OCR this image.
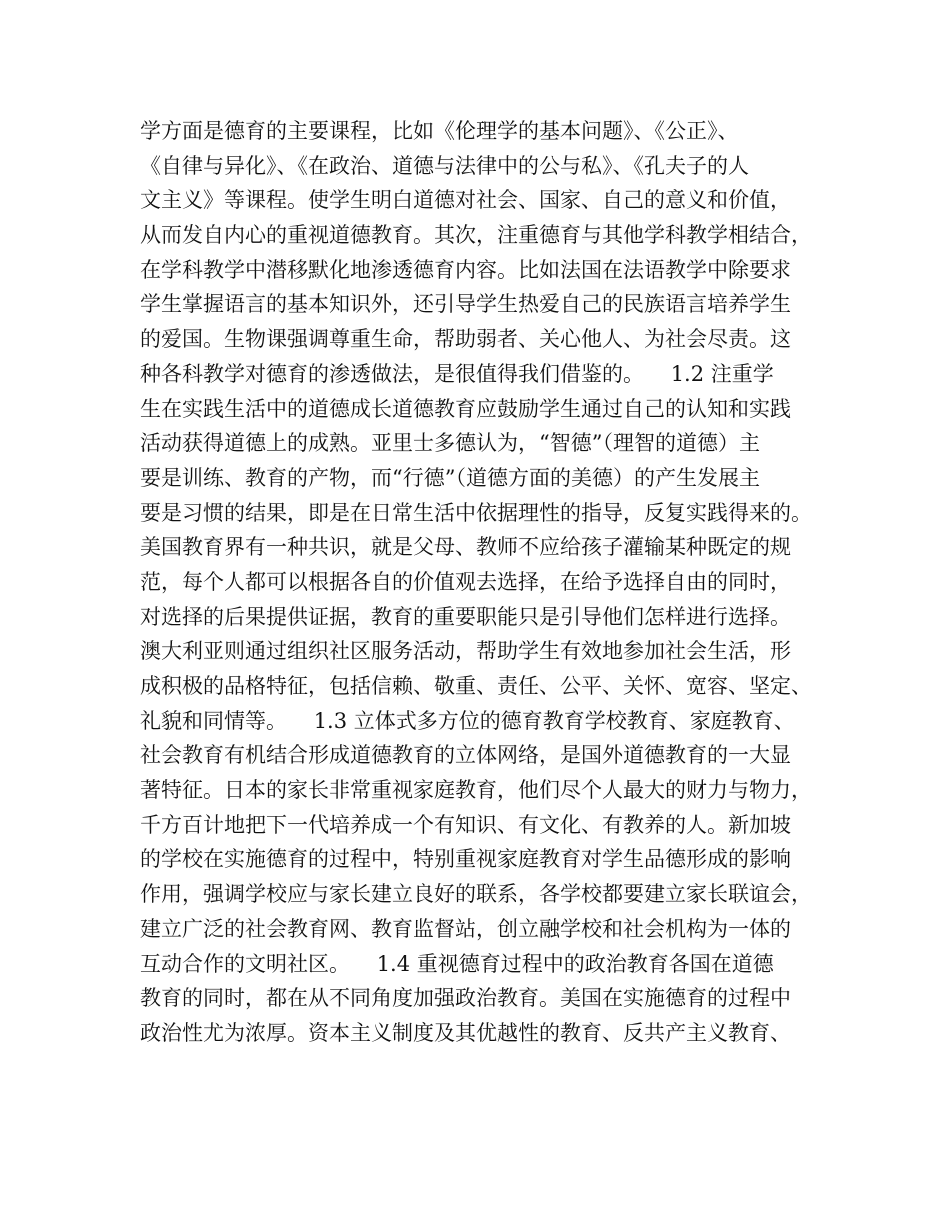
学方面是德育的主要课程，比如《伦理学的基本问题》、《公正》、
《自律与异化》、《在政治、道德与法律中的公与私》、《孔夫子的人
文主义》等课程。使学生明白道德对社会、国家、自己的意义和价值，
从而发自内心的重视道德教育。其次，注重德育与其他学科教学相结合，
在学科教学中潜移默化地渗透德育内容。比如法国在法语教学中除要求
学生掌握语言的基本知识外，还引导学生热爱自己的民族语言培养学生
的爱国。生物课强调尊重生命，帮助弱者、关心他人、为社会尽责。这
种各科教学对德育的渗透做法，是很值得我们借鉴的。    1.2 注重学
生在实践生活中的道德成长道德教育应鼓励学生通过自己的认知和实践
活动获得道德上的成熟。亚里士多德认为，“智德”（理智的道德）主
要是训练、教育的产物，而“行德”（道德方面的美德）的产生发展主
要是习惯的结果，即是在日常生活中依据理性的指导，反复实践得来的。
美国教育界有一种共识，就是父母、教师不应给孩子灌输某种既定的规
范，每个人都可以根据各自的价值观去选择，在给予选择自由的同时，
对选择的后果提供证据，教育的重要职能只是引导他们怎样进行选择。
澳大利亚则通过组织社区服务活动，帮助学生有效地参加社会生活，形
成积极的品格特征，包括信赖、敬重、责任、公平、关怀、宽容、坚定、
礼貌和同情等。    1.3 立体式多方位的德育教育学校教育、家庭教育、
社会教育有机结合形成道德教育的立体网络，是国外道德教育的一大显
著特征。日本的家长非常重视家庭教育，他们尽个人最大的财力与物力，
千方百计地把下一代培养成一个有知识、有文化、有教养的人。新加坡
的学校在实施德育的过程中，特别重视家庭教育对学生品德形成的影响
作用，强调学校应与家长建立良好的联系，各学校都要建立家长联谊会，
建立广泛的社会教育网、教育监督站，创立融学校和社会机构为一体的
互动合作的文明社区。    1.4 重视德育过程中的政治教育各国在道德
教育的同时，都在从不同角度加强政治教育。美国在实施德育的过程中
政治性尤为浓厚。资本主义制度及其优越性的教育、反共产主义教育、
